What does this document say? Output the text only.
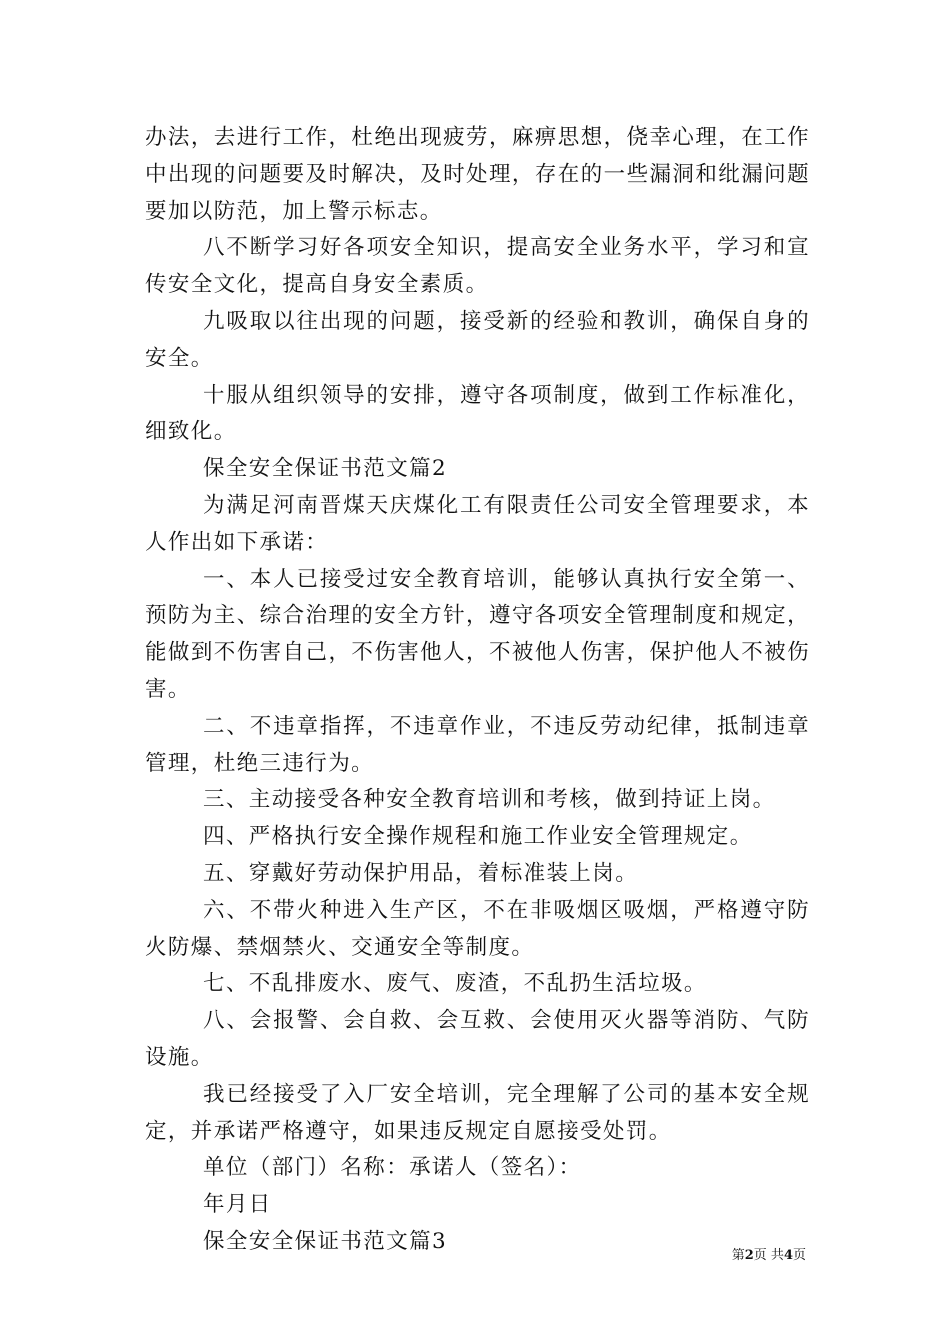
办法，去进行工作，杜绝出现疲劳，麻痹思想，侥幸心理，在工作中出现的问题要及时解决，及时处理，存在的一些漏洞和纰漏问题要加以防范，加上警示标志。

八不断学习好各项安全知识，提高安全业务水平，学习和宣传安全文化，提高自身安全素质。

九吸取以往出现的问题，接受新的经验和教训，确保自身的安全。

十服从组织领导的安排，遵守各项制度，做到工作标准化，细致化。

保全安全保证书范文篇2

为满足河南晋煤天庆煤化工有限责任公司安全管理要求，本人作出如下承诺：

一、本人已接受过安全教育培训，能够认真执行安全第一、预防为主、综合治理的安全方针，遵守各项安全管理制度和规定，能做到不伤害自己，不伤害他人，不被他人伤害，保护他人不被伤害。

二、不违章指挥，不违章作业，不违反劳动纪律，抵制违章管理，杜绝三违行为。

三、主动接受各种安全教育培训和考核，做到持证上岗。

四、严格执行安全操作规程和施工作业安全管理规定。

五、穿戴好劳动保护用品，着标准装上岗。

六、不带火种进入生产区，不在非吸烟区吸烟，严格遵守防火防爆、禁烟禁火、交通安全等制度。

七、不乱排废水、废气、废渣，不乱扔生活垃圾。

八、会报警、会自救、会互救、会使用灭火器等消防、气防设施。

我已经接受了入厂安全培训，完全理解了公司的基本安全规定，并承诺严格遵守，如果违反规定自愿接受处罚。

单位（部门）名称：承诺人（签名）：

年月日

保全安全保证书范文篇3

第2页 共4页
